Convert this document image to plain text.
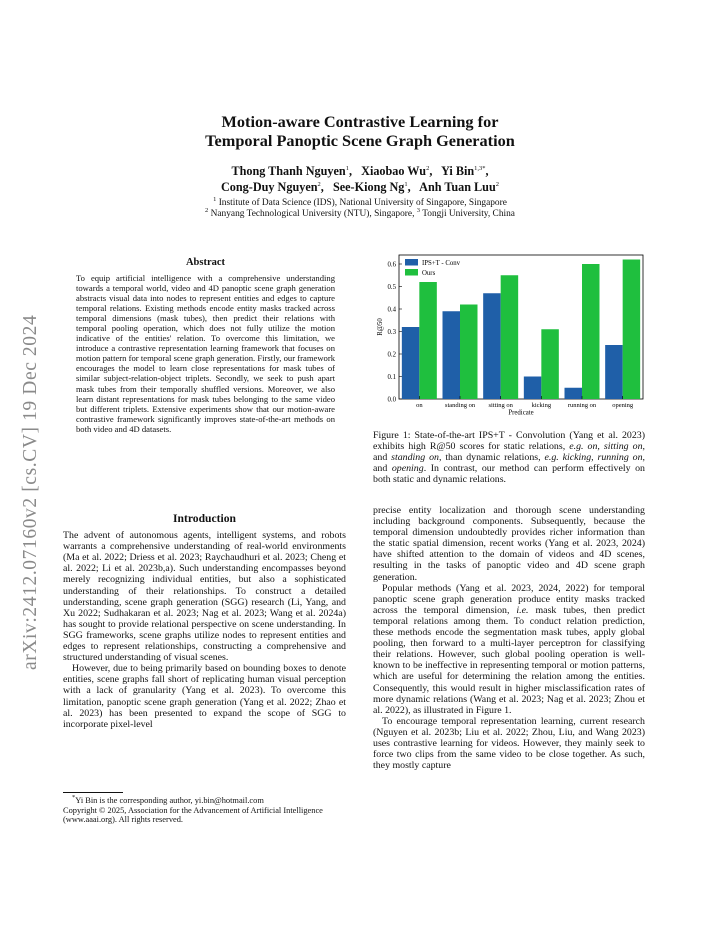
arXiv:2412.07160v2 [cs.CV] 19 Dec 2024
Motion-aware Contrastive Learning for
Temporal Panoptic Scene Graph Generation
Thong Thanh Nguyen$^1$,   Xiaobao Wu$^2$,   Yi Bin$^{1,3*}$,
Cong-Duy Nguyen$^2$,   See-Kiong Ng$^1$,   Anh Tuan Luu$^2$
$^1$ Institute of Data Science (IDS), National University of Singapore, Singapore
$^2$ Nanyang Technological University (NTU), Singapore, $^3$ Tongji University, China
Abstract
To equip artificial intelligence with a comprehensive understanding towards a temporal world, video and 4D panoptic scene graph generation abstracts visual data into nodes to represent entities and edges to capture temporal relations. Existing methods encode entity masks tracked across temporal dimensions (mask tubes), then predict their relations with temporal pooling operation, which does not fully utilize the motion indicative of the entities' relation. To overcome this limitation, we introduce a contrastive representation learning framework that focuses on motion pattern for temporal scene graph generation. Firstly, our framework encourages the model to learn close representations for mask tubes of similar subject-relation-object triplets. Secondly, we seek to push apart mask tubes from their temporally shuffled versions. Moreover, we also learn distant representations for mask tubes belonging to the same video but different triplets. Extensive experiments show that our motion-aware contrastive framework significantly improves state-of-the-art methods on both video and 4D datasets.
Introduction

The advent of autonomous agents, intelligent systems, and robots warrants a comprehensive understanding of real-world environments (Ma et al. 2022; Driess et al. 2023; Raychaudhuri et al. 2023; Cheng et al. 2022; Li et al. 2023b,a). Such understanding encompasses beyond merely recognizing individual entities, but also a sophisticated understanding of their relationships. To construct a detailed understanding, scene graph generation (SGG) research (Li, Yang, and Xu 2022; Sudhakaran et al. 2023; Nag et al. 2023; Wang et al. 2024a) has sought to provide relational perspective on scene understanding. In SGG frameworks, scene graphs utilize nodes to represent entities and edges to represent relationships, constructing a comprehensive and structured understanding of visual scenes.

However, due to being primarily based on bounding boxes to denote entities, scene graphs fall short of replicating human visual perception with a lack of granularity (Yang et al. 2023). To overcome this limitation, panoptic scene graph generation (Yang et al. 2022; Zhao et al. 2023) has been presented to expand the scope of SGG to incorporate pixel-level

*Yi Bin is the corresponding author, yi.bin@hotmail.com

Copyright © 2025, Association for the Advancement of Artificial Intelligence (www.aaai.org). All rights reserved.

0.0
0.1
0.2
0.3
0.4
0.5
0.6
R@50
on	standing on sitting on	kicking	running on opening
Predicate
IPS+T - Conv
Ours
Figure 1: State-of-the-art IPS+T - Convolution (Yang et al. 2023) exhibits high R@50 scores for static relations, e.g. on, sitting on, and standing on, than dynamic relations, e.g. kicking, running on, and opening. In contrast, our method can perform effectively on both static and dynamic relations.

precise entity localization and thorough scene understanding including background components. Subsequently, because the temporal dimension undoubtedly provides richer information than the static spatial dimension, recent works (Yang et al. 2023, 2024) have shifted attention to the domain of videos and 4D scenes, resulting in the tasks of panoptic video and 4D scene graph generation.

Popular methods (Yang et al. 2023, 2024, 2022) for temporal panoptic scene graph generation produce entity masks tracked across the temporal dimension, i.e. mask tubes, then predict temporal relations among them. To conduct relation prediction, these methods encode the segmentation mask tubes, apply global pooling, then forward to a multi-layer perceptron for classifying their relations. However, such global pooling operation is well-known to be ineffective in representing temporal or motion patterns, which are useful for determining the relation among the entities. Consequently, this would result in higher misclassification rates of more dynamic relations (Wang et al. 2023; Nag et al. 2023; Zhou et al. 2022), as illustrated in Figure 1.

To encourage temporal representation learning, current research (Nguyen et al. 2023b; Liu et al. 2022; Zhou, Liu, and Wang 2023) uses contrastive learning for videos. However, they mainly seek to force two clips from the same video to be close together. As such, they mostly capture
